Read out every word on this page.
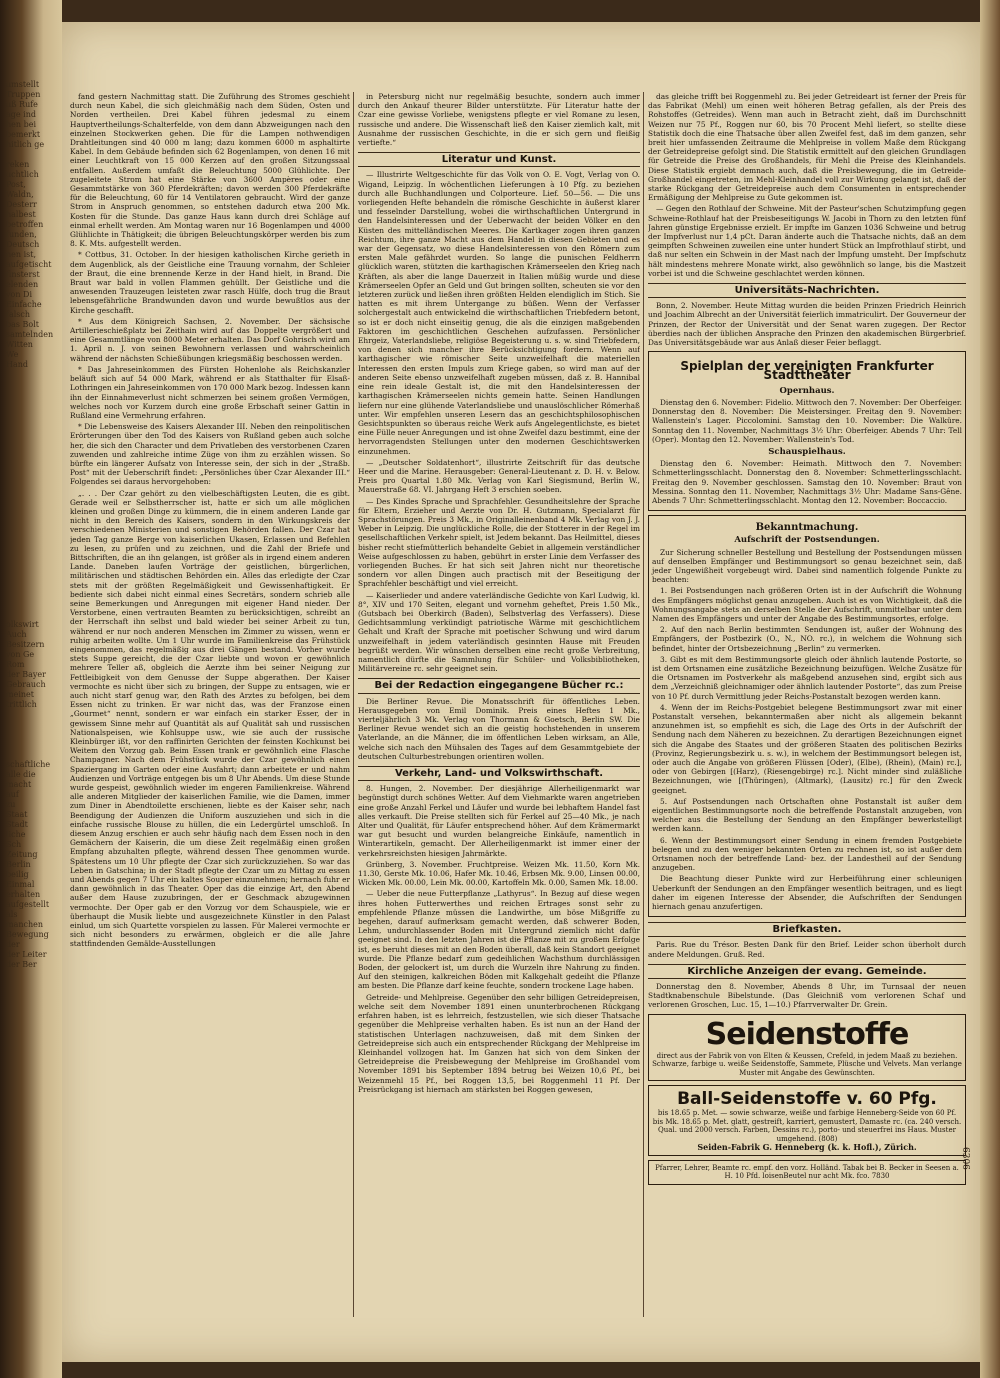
umstellt
Truppen
uß Rufe
age ind
hen bei
bemerkt
hitlich ge

reken
uchtlich
Post,
Waldn,
Desterr
halbest
betroffen
funden,
Deutsch
nen ist,
aufgetischt
finsterst
elenden
von Di
Einfache
falsch
bas Bolt
samtelnden
Witten
We
Hand
olkswirt
Auch
Besitzern
von Ge
Rom
der Bayer
Gebrauch
meinet
trittlich
schaftliche
alle die
macht
auf
zu
Staat
Stadt
liche
Sch
Zeitung
Berlin
beilig
Einmal
erhalten
aufgestellt
als
manchen
Bewegung
der
der Leiter
der Ber

fand gestern Nachmittag statt. Die Zuführung des Stromes geschieht durch neun Kabel, die sich gleichmäßig nach dem Süden, Osten und Norden vertheilen. Drei Kabel führen jedesmal zu einem Hauptvertheilungs-Schalterfelde, von dem dann Abzweigungen nach den einzelnen Stockwerken gehen. Die für die Lampen nothwendigen Drahtleitungen sind 40 000 m lang; dazu kommen 6000 m asphaltirte Kabel. In dem Gebäude befinden sich 62 Bogenlampen, von denen 16 mit einer Leuchtkraft von 15 000 Kerzen auf den großen Sitzungssaal entfallen. Außerdem umfaßt die Beleuchtung 5000 Glühlichte. Der zugeleitete Strom hat eine Stärke von 3600 Ampères oder eine Gesammtstärke von 360 Pferdekräften; davon werden 300 Pferdekräfte für die Beleuchtung, 60 für 14 Ventilatoren gebraucht. Wird der ganze Strom in Anspruch genommen, so entstehen dadurch etwa 200 Mk. Kosten für die Stunde. Das ganze Haus kann durch drei Schläge auf einmal erhellt werden. Am Montag waren nur 16 Bogenlampen und 4000 Glühlichte in Thätigkeit; die übrigen Beleuchtungskörper werden bis zum 8. K. Mts. aufgestellt werden.

* Cottbus, 31. October. In der hiesigen katholischen Kirche gerieth in dem Augenblick, als der Geistliche eine Trauung vornahm, der Schleier der Braut, die eine brennende Kerze in der Hand hielt, in Brand. Die Braut war bald in vollen Flammen gehüllt. Der Geistliche und die anwesenden Trauzeugen leisteten zwar rasch Hülfe, doch trug die Braut lebensgefährliche Brandwunden davon und wurde bewußtlos aus der Kirche geschafft.

* Aus dem Königreich Sachsen, 2. November. Der sächsische Artillerieschießplatz bei Zeithain wird auf das Doppelte vergrößert und eine Gesammtlänge von 8000 Meter erhalten. Das Dorf Gohrisch wird am 1. April n. J. von seinen Bewohnern verlassen und wahrscheinlich während der nächsten Schießübungen kriegsmäßig beschossen werden.

* Das Jahreseinkommen des Fürsten Hohenlohe als Reichskanzler beläuft sich auf 54 000 Mark, während er als Statthalter für Elsaß-Lothringen ein Jahreseinkommen von 170 000 Mark bezog. Indessen kann ihn der Einnahmeverlust nicht schmerzen bei seinem großen Vermögen, welches noch vor Kurzem durch eine große Erbschaft seiner Gattin in Rußland eine Vermehrung erfahren.

* Die Lebensweise des Kaisers Alexander III. Neben den reinpolitischen Erörterungen über den Tod des Kaisers von Rußland geben auch solche her, die sich den Character und dem Privatleben des verstorbenen Czaren zuwenden und zahlreiche intime Züge von ihm zu erzählen wissen. So bürfte ein längerer Aufsatz von Interesse sein, der sich in der „Straßb. Post“ mit der Ueberschrift findet: „Persönliches über Czar Alexander III.“ Folgendes sei daraus hervorgehoben:

„. . . Der Czar gehört zu den vielbeschäftigsten Leuten, die es gibt. Gerade weil er Selbstherrscher ist, hatte er sich um alle möglichen kleinen und großen Dinge zu kümmern, die in einem anderen Lande gar nicht in den Bereich des Kaisers, sondern in den Wirkungskreis der verschiedenen Ministerien und sonstigen Behörden fallen. Der Czar hat jeden Tag ganze Berge von kaiserlichen Ukasen, Erlassen und Befehlen zu lesen, zu prüfen und zu zeichnen, und die Zahl der Briefe und Bittschriften, die an ihn gelangen, ist größer als in irgend einem anderen Lande. Daneben laufen Vorträge der geistlichen, bürgerlichen, militärischen und städtischen Behörden ein. Alles das erledigte der Czar stets mit der größten Regelmäßigkeit und Gewissenhaftigkeit. Er bediente sich dabei nicht einmal eines Secretärs, sondern schrieb alle seine Bemerkungen und Anregungen mit eigener Hand nieder. Der Verstorbene, einen vertrauten Beamten zu berücksichtigen, schreibt an der Herrschaft ihn selbst und bald wieder bei seiner Arbeit zu tun, während er nur noch anderen Menschen im Zimmer zu wissen, wenn er ruhig arbeiten wollte. Um 1 Uhr wurde im Familienkreise das Frühstück eingenommen, das regelmäßig aus drei Gängen bestand. Vorher wurde stets Suppe gereicht, die der Czar liebte und wovon er gewöhnlich mehrere Teller aß, obgleich die Aerzte ihm bei seiner Neigung zur Fettleibigkeit von dem Genusse der Suppe abgerathen. Der Kaiser vermochte es nicht über sich zu bringen, der Suppe zu entsagen, wie er auch nicht starf genug war, den Rath des Arztes zu befolgen, bei dem Essen nicht zu trinken. Er war nicht das, was der Franzose einen „Gourmet“ nennt, sondern er war einfach ein starker Esser, der in gewissem Sinne mehr auf Quantität als auf Qualität sah und russischen Nationalspeisen, wie Kohlsuppe usw., wie sie auch der russische Kleinbürger ißt, vor den raffinirten Gerichten der feinsten Kochkunst bei Weitem den Vorzug gab. Beim Essen trank er gewöhnlich eine Flasche Champagner. Nach dem Frühstück wurde der Czar gewöhnlich einen Spaziergang im Garten oder eine Ausfahrt; dann arbeitete er und nahm Audienzen und Vorträge entgegen bis um 8 Uhr Abends. Um diese Stunde wurde gespeist, gewöhnlich wieder im engeren Familienkreise. Während alle anderen Mitglieder der kaiserlichen Familie, wie die Damen, immer zum Diner in Abendtoilette erschienen, liebte es der Kaiser sehr, nach Beendigung der Audienzen die Uniform auszuziehen und sich in die einfache russische Blouse zu hüllen, die ein Ledergürtel umschloß. In diesem Anzug erschien er auch sehr häufig nach dem Essen noch in den Gemächern der Kaiserin, die um diese Zeit regelmäßig einen großen Empfang abzuhalten pflegte, während dessen Thee genommen wurde. Spätestens um 10 Uhr pflegte der Czar sich zurückzuziehen. So war das Leben in Gatschina; in der Stadt pflegte der Czar um zu Mittag zu essen und Abends gegen 7 Uhr ein kaltes Souper einzunehmen; hernach fuhr er dann gewöhnlich in das Theater. Oper das die einzige Art, den Abend außer dem Hause zuzubringen, der er Geschmack abzugewinnen vermochte. Der Oper gab er den Vorzug vor dem Schauspiele, wie er überhaupt die Musik liebte und ausgezeichnete Künstler in den Palast einlud, um sich Quartette vorspielen zu lassen. Für Malerei vermochte er sich nicht besonders zu erwärmen, obgleich er die alle Jahre stattfindenden Gemälde-Ausstellungen

in Petersburg nicht nur regelmäßig besuchte, sondern auch immer durch den Ankauf theurer Bilder unterstützte. Für Literatur hatte der Czar eine gewisse Vorliebe, wenigstens pflegte er viel Romane zu lesen, russische und andere. Die Wissenschaft ließ den Kaiser ziemlich kalt, mit Ausnahme der russischen Geschichte, in die er sich gern und fleißig vertiefte.“

Literatur und Kunst.

— Illustrirte Weltgeschichte für das Volk von O. E. Vogt, Verlag von O. Wigand, Leipzig. In wöchentlichen Lieferungen à 10 Pfg. zu beziehen durch alle Buchhandlungen und Colporteure. Lief. 50—56. — Die uns vorliegenden Hefte behandeln die römische Geschichte in äußerst klarer und fesselnder Darstellung, wobei die wirthschaftlichen Untergrund in den Handelsinteressen und der Ueberwacht der beiden Völker en den Küsten des mittelländischen Meeres. Die Kartkager zogen ihren ganzen Reichtum, ihre ganze Macht aus dem Handel in diesen Gebieten und es war der Gegensatz, wo diese Handelsinteressen von den Römern zum ersten Male gefährdet wurden. So lange die punischen Feldherrn glücklich waren, stützten die karthagischen Krämerseelen den Krieg nach Kräften, als aber die lange Dauerzeit in Italien müßig wurde und diese Krämerseelen Opfer an Geld und Gut bringen sollten, scheuten sie vor den letzteren zurück und ließen ihren größten Helden elendiglich im Stich. Sie hatten es mit ihrem Untergange zu büßen. Wenn der Verfasser solchergestalt auch entwickelnd die wirthschaftlichen Triebfedern betont, so ist er doch nicht einseitig genug, die als die einzigen maßgebenden Faktoren im geschichtlichen Geschehen aufzufassen. Persönlicher Ehrgeiz, Vaterlandsliebe, religiöse Begeisterung u. s. w. sind Triebfedern, von denen sich mancher ihre Berücksichtigung fordern. Wenn auf karthagischer wie römischer Seite unzweifelhaft die materiellen Interessen den ersten Impuls zum Kriege gaben, so wird man auf der anderen Seite ebenso unzweifelhaft zugeben müssen, daß z. B. Hannibal eine rein ideale Gestalt ist, die mit den Handelsinteressen der karthagischen Krämerseelen nichts gemein hatte. Seinen Handlungen liefern nur eine glühende Vaterlandsliebe und unauslöschlicher Römerhaß unter. Wir empfehlen unseren Lesern das an geschichtsphilosophischen Gesichtspunkten so überaus reiche Werk aufs Angelegentlichste, es bietet eine Fülle neuer Anregungen und ist ohne Zweifel dazu bestimmt, eine der hervorragendsten Stellungen unter den modernen Geschichtswerken einzunehmen.

— „Deutscher Soldatenhort“, illustrirte Zeitschrift für das deutsche Heer und die Marine. Herausgeber: General-Lieutenant z. D. H. v. Below. Preis pro Quartal 1.80 Mk. Verlag von Karl Siegismund, Berlin W., Mauerstraße 68. VI. Jahrgang Heft 3 erschien soeben.

— Des Kindes Sprache und Sprachfehler. Gesundheitslehre der Sprache für Eltern, Erzieher und Aerzte von Dr. H. Gutzmann, Specialarzt für Sprachstörungen. Preis 3 Mk., in Originalleinenband 4 Mk. Verlag von J. J. Weber in Leipzig. Die unglückliche Rolle, die der Stotterer in der Regel im gesellschaftlichen Verkehr spielt, ist Jedem bekannt. Das Heilmittel, dieses bisher recht stiefmütterlich behandelte Gebiet in allgemein verständlicher Weise aufgeschlossen zu haben, gebührt in erster Linie dem Verfasser des vorliegenden Buches. Er hat sich seit Jahren nicht nur theoretische sondern vor allen Dingen auch practisch mit der Beseitigung der Sprachfehler beschäftigt und viel erreicht.

— Kaiserlieder und andere vaterländische Gedichte von Karl Ludwig, kl. 8°, XIV und 170 Seiten, elegant und vornehm geheftet, Preis 1.50 Mk., (Gutsbach bei Oberkirch (Baden), Selbstverlag des Verfassers). Diese Gedichtsammlung verkündigt patriotische Wärme mit geschichtlichem Gehalt und Kraft der Sprache mit poetischer Schwung und wird darum unzweifelhaft in jedem vaterländisch gesinnten Hause mit Freuden begrüßt werden. Wir wünschen derselben eine recht große Verbreitung, namentlich dürfte die Sammlung für Schüler- und Volksbibliotheken, Militärvereine rc. sehr geeignet sein.

Bei der Redaction eingegangene Bücher rc.:

Die Berliner Revue. Die Monatsschrift für öffentliches Leben. Herausgegeben von Emil Dominik. Preis eines Heftes 1 Mk., vierteljährlich 3 Mk. Verlag von Thormann & Goetsch, Berlin SW. Die Berliner Revue wendet sich an die geistig hochstehenden in unserem Vaterlande, an die Männer, die im öffentlichen Leben wirksam, an Alle, welche sich nach den Mühsalen des Tages auf dem Gesammtgebiete der deutschen Culturbestrebungen orientiren wollen.

Verkehr, Land- und Volkswirthschaft.

8. Hungen, 2. November. Der diesjährige Allerheiligenmarkt war begünstigt durch schönes Wetter. Auf dem Viehmarkte waren angetrieben eine große Anzahl Ferkel und Läufer und wurde bei lebhaftem Handel fast alles verkauft. Die Preise stellten sich für Ferkel auf 25—40 Mk., je nach Alter und Qualität, für Läufer entsprechend höher. Auf dem Krämermarkt war gut besucht und wurden belangreiche Einkäufe, namentlich in Winterartikeln, gemacht. Der Allerheiligenmarkt ist immer einer der verkehrsreichsten hiesigen Jahrmärkte.

Grünberg, 3. November. Fruchtpreise. Weizen Mk. 11.50, Korn Mk. 11.30, Gerste Mk. 10.06, Hafer Mk. 10.46, Erbsen Mk. 9.00, Linsen 00.00, Wicken Mk. 00.00, Lein Mk. 00.00, Kartoffeln Mk. 0.00, Samen Mk. 18.00.

— Ueber die neue Futterpflanze „Lathyrus“. In Bezug auf diese wegen ihres hohen Futterwerthes und reichen Ertrages sonst sehr zu empfehlende Pflanze müssen die Landwirthe, um böse Mißgriffe zu begehen, darauf aufmerksam gemacht werden, daß schwerer Boden, Lehm, undurchlassender Boden mit Untergrund ziemlich nicht dafür geeignet sind. In den letzten Jahren ist die Pflanze mit zu großem Erfolge ist, es beruht dieses mit an den Boden überall, daß kein Standort geeignet wurde. Die Pflanze bedarf zum gedeihlichen Wachsthum durchlässigen Boden, der gelockert ist, um durch die Wurzeln ihre Nahrung zu finden. Auf den steinigen, kalkreichen Böden mit Kalkgehalt gedeiht die Pflanze am besten. Die Pflanze darf keine feuchte, sondern trockene Lage haben.

Getreide- und Mehlpreise. Gegenüber den sehr billigen Getreidepreisen, welche seit dem November 1891 einen ununterbrochenen Rückgang erfahren haben, ist es lehrreich, festzustellen, wie sich dieser Thatsache gegenüber die Mehlpreise verhalten haben. Es ist nun an der Hand der statistischen Unterlagen nachzuweisen, daß mit dem Sinken der Getreidepreise sich auch ein entsprechender Rückgang der Mehlpreise im Kleinhandel vollzogen hat. Im Ganzen hat sich von dem Sinken der Getreidepreise die Preisbewegung der Mehlpreise im Großhandel vom November 1891 bis September 1894 betrug bei Weizen 10,6 Pf., bei Weizenmehl 15 Pf., bei Roggen 13,5, bei Roggenmehl 11 Pf. Der Preisrückgang ist hiernach am stärksten bei Roggen gewesen,

das gleiche trifft bei Roggenmehl zu. Bei jeder Getreideart ist ferner der Preis für das Fabrikat (Mehl) um einen weit höheren Betrag gefallen, als der Preis des Rohstoffes (Getreides). Wenn man auch in Betracht zieht, daß im Durchschnitt Weizen nur 75 Pf., Roggen nur 60, bis 70 Procent Mehl liefert, so stellte diese Statistik doch die eine Thatsache über allen Zweifel fest, daß im dem ganzen, sehr breit hier umfassenden Zeitraume die Mehlpreise in vollem Maße dem Rückgang der Getreidepreise gefolgt sind. Die Statistik ermittelt auf den gleichen Grundlagen für Getreide die Preise des Großhandels, für Mehl die Preise des Kleinhandels. Diese Statistik ergiebt demnach auch, daß die Preisbewegung, die im Getreide-Großhandel eingetreten, im Mehl-Kleinhandel voll zur Wirkung gelangt ist, daß der starke Rückgang der Getreidepreise auch dem Consumenten in entsprechender Ermäßigung der Mehlpreise zu Gute gekommen ist.

— Gegen den Rothlauf der Schweine. Mit der Pasteur'schen Schutzimpfung gegen Schweine-Rothlauf hat der Preisbeseitigungs W. Jacobi in Thorn zu den letzten fünf Jahren günstige Ergebnisse erzielt. Er impfte im Ganzen 1036 Schweine und betrug der Impfverlust nur 1,4 pCt. Daran änderte auch die Thatsache nichts, daß an dem geimpften Schweinen zuweilen eine unter hundert Stück an Impfrothlauf stirbt, und daß nur selten ein Schwein in der Mast nach der Impfung umsteht. Der Impfschutz hält mindestens mehrere Monate wirkt, also gewöhnlich so lange, bis die Mastzeit vorbei ist und die Schweine geschlachtet werden können.

Universitäts-Nachrichten.

Bonn, 2. November. Heute Mittag wurden die beiden Prinzen Friedrich Heinrich und Joachim Albrecht an der Universität feierlich immatriculirt. Der Gouverneur der Prinzen, der Rector der Universität und der Senat waren zugegen. Der Rector überdies nach der üblichen Ansprache den Prinzen den akademischen Bürgerbrief. Das Universitätsgebäude war aus Anlaß dieser Feier beflaggt.

Spielplan der vereinigten Frankfurter Stadttheater
Opernhaus.

Dienstag den 6. November: Fidelio. Mittwoch den 7. November: Der Oberfeiger. Donnerstag den 8. November: Die Meistersinger. Freitag den 9. November: Wallenstein's Lager. Piccolomini. Samstag den 10. November: Die Walküre. Sonntag den 11. November, Nachmittags 3½ Uhr: Oberfeiger. Abends 7 Uhr: Tell (Oper). Montag den 12. November: Wallenstein's Tod.

Schauspielhaus.

Dienstag den 6. November: Heimath. Mittwoch den 7. November: Schmetterlingsschlacht. Donnerstag den 8. November: Schmetterlingsschlacht. Freitag den 9. November geschlossen. Samstag den 10. November: Braut von Messina. Sonntag den 11. November, Nachmittags 3½ Uhr: Madame Sans-Gêne. Abends 7 Uhr: Schmetterlingsschlacht. Montag den 12. November: Boccaccio.

Bekanntmachung.
Aufschrift der Postsendungen.

Zur Sicherung schneller Bestellung und Bestellung der Postsendungen müssen auf denselben Empfänger und Bestimmungsort so genau bezeichnet sein, daß jeder Ungewißheit vorgebeugt wird. Dabei sind namentlich folgende Punkte zu beachten:

1. Bei Postsendungen nach größeren Orten ist in der Aufschrift die Wohnung des Empfängers möglichst genau anzugeben. Auch ist es von Wichtigkeit, daß die Wohnungsangabe stets an derselben Stelle der Aufschrift, unmittelbar unter dem Namen des Empfängers und unter der Angabe des Bestimmungsortes, erfolge.

2. Auf den nach Berlin bestimmten Sendungen ist, außer der Wohnung des Empfängers, der Postbezirk (O., N., NO. rc.), in welchem die Wohnung sich befindet, hinter der Ortsbezeichnung „Berlin“ zu vermerken.

3. Gibt es mit dem Bestimmungsorte gleich oder ähnlich lautende Postorte, so ist dem Ortsnamen eine zusätzliche Bezeichnung beizufügen. Welche Zusätze für die Ortsnamen im Postverkehr als maßgebend anzusehen sind, ergibt sich aus dem „Verzeichniß gleichnamiger oder ähnlich lautender Postorte“, das zum Preise von 10 Pf. durch Vermittlung jeder Reichs-Postanstalt bezogen werden kann.

4. Wenn der im Reichs-Postgebiet belegene Bestimmungsort zwar mit einer Postanstalt versehen, bekanntermaßen aber nicht als allgemein bekannt anzunehmen ist, so empfiehlt es sich, die Lage des Orts in der Aufschrift der Sendung nach dem Näheren zu bezeichnen. Zu derartigen Bezeichnungen eignet sich die Angabe des Staates und der größeren Staaten des politischen Bezirks (Provinz, Regierungsbezirk u. s. w.), in welchem der Bestimmungsort belegen ist, oder auch die Angabe von größeren Flüssen [Oder), (Elbe), (Rhein), (Main) rc.], oder von Gebirgen [(Harz), (Riesengebirge) rc.]. Nicht minder sind zuläßliche Bezeichnungen, wie [(Thüringen), (Altmark), (Lausitz) rc.] für den Zweck geeignet.

5. Auf Postsendungen nach Ortschaften ohne Postanstalt ist außer dem eigentlichen Bestimmungsorte noch die betreffende Postanstalt anzugeben, von welcher aus die Bestellung der Sendung an den Empfänger bewerkstelligt werden kann.

6. Wenn der Bestimmungsort einer Sendung in einem fremden Postgebiete belegen und zu den weniger bekannten Orten zu rechnen ist, so ist außer dem Ortsnamen noch der betreffende Land- bez. der Landestheil auf der Sendung anzugeben.

Die Beachtung dieser Punkte wird zur Herbeiführung einer schleunigen Ueberkunft der Sendungen an den Empfänger wesentlich beitragen, und es liegt daher im eigenen Interesse der Absender, die Aufschriften der Sendungen hiernach genau anzufertigen.

Briefkasten.

Paris. Rue du Trésor. Besten Dank für den Brief. Leider schon überholt durch andere Meldungen. Gruß. Red.

Kirchliche Anzeigen der evang. Gemeinde.

Donnerstag den 8. November, Abends 8 Uhr, im Turnsaal der neuen Stadtknabenschule Bibelstunde. (Das Gleichniß vom verlorenen Schaf und verlorenen Groschen, Luc. 15, 1—10.) Pfarrverwalter Dr. Grein.

Seidenstoffe
direct aus der Fabrik von von Elten & Keussen, Crefeld, in jedem Maaß zu beziehen. Schwarze, farbige u. weiße Seidenstoffe, Sammete, Plüsche und Velvets. Man verlange Muster mit Angabe des Gewünschten.
Ball-Seidenstoffe v. 60 Pfg.
bis 18.65 p. Met. — sowie schwarze, weiße und farbige Henneberg-Seide von 60 Pf. bis Mk. 18.65 p. Met. glatt, gestreift, karriert, gemustert, Damaste rc. (ca. 240 versch. Qual. und 2000 versch. Farben, Dessins rc.), porto- und steuerfrei ins Haus. Muster umgehend. (808)
Seiden-Fabrik G. Henneberg (k. k. Hofl.), Zürich.
Pfarrer, Lehrer, Beamte rc. empf. den vorz. Holländ. Tabak bei B. Becker in Seesen a. H. 10 Pfd. loisenBeutel nur acht Mk. fco. 7830
6306
